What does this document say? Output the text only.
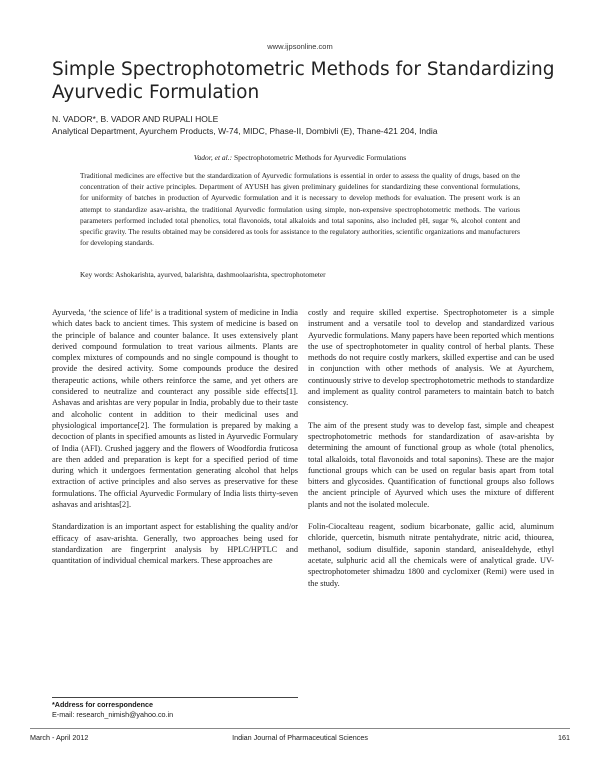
www.ijpsonline.com
Simple Spectrophotometric Methods for Standardizing Ayurvedic Formulation
N. VADOR*, B. VADOR AND RUPALI HOLE
Analytical Department, Ayurchem Products, W-74, MIDC, Phase-II, Dombivli (E), Thane-421 204, India
Vador, et al.: Spectrophotometric Methods for Ayurvedic Formulations
Traditional medicines are effective but the standardization of Ayurvedic formulations is essential in order to assess the quality of drugs, based on the concentration of their active principles. Department of AYUSH has given preliminary guidelines for standardizing these conventional formulations, for uniformity of batches in production of Ayurvedic formulation and it is necessary to develop methods for evaluation. The present work is an attempt to standardize asav-arishta, the traditional Ayurvedic formulation using simple, non-expensive spectrophotometric methods. The various parameters performed included total phenolics, total flavonoids, total alkaloids and total saponins, also included pH, sugar %, alcohol content and specific gravity. The results obtained may be considered as tools for assistance to the regulatory authorities, scientific organizations and manufacturers for developing standards.
Key words: Ashokarishta, ayurved, balarishta, dashmoolaarishta, spectrophotometer

Ayurveda, ‘the science of life’ is a traditional system of medicine in India which dates back to ancient times. This system of medicine is based on the principle of balance and counter balance. It uses extensively plant derived compound formulation to treat various ailments. Plants are complex mixtures of compounds and no single compound is thought to provide the desired activity. Some compounds produce the desired therapeutic actions, while others reinforce the same, and yet others are considered to neutralize and counteract any possible side effects[1]. Ashavas and arishtas are very popular in India, probably due to their taste and alcoholic content in addition to their medicinal uses and physiological importance[2]. The formulation is prepared by making a decoction of plants in specified amounts as listed in Ayurvedic Formulary of India (AFI). Crushed jaggery and the flowers of Woodfordia fruticosa are then added and preparation is kept for a specified period of time during which it undergoes fermentation generating alcohol that helps extraction of active principles and also serves as preservative for these formulations. The official Ayurvedic Formulary of India lists thirty-seven ashavas and arishtas[2].

Standardization is an important aspect for establishing the quality and/or efficacy of asav-arishta. Generally, two approaches being used for standardization are fingerprint analysis by HPLC/HPTLC and quantitation of individual chemical markers. These approaches are

costly and require skilled expertise. Spectrophotometer is a simple instrument and a versatile tool to develop and standardized various Ayurvedic formulations. Many papers have been reported which mentions the use of spectrophotometer in quality control of herbal plants. These methods do not require costly markers, skilled expertise and can be used in conjunction with other methods of analysis. We at Ayurchem, continuously strive to develop spectrophotometric methods to standardize and implement as quality control parameters to maintain batch to batch consistency.

The aim of the present study was to develop fast, simple and cheapest spectrophotometric methods for standardization of asav-arishta by determining the amount of functional group as whole (total phenolics, total alkaloids, total flavonoids and total saponins). These are the major functional groups which can be used on regular basis apart from total bitters and glycosides. Quantification of functional groups also follows the ancient principle of Ayurved which uses the mixture of different plants and not the isolated molecule.

Folin-Ciocalteau reagent, sodium bicarbonate, gallic acid, aluminum chloride, quercetin, bismuth nitrate pentahydrate, nitric acid, thiourea, methanol, sodium disulfide, saponin standard, aniseaIdehyde, ethyl acetate, sulphuric acid all the chemicals were of analytical grade. UV-spectrophotometer shimadzu 1800 and cyclomixer (Remi) were used in the study.

*Address for correspondence
E-mail: research_nimish@yahoo.co.in
March - April 2012	Indian Journal of Pharmaceutical Sciences	161
